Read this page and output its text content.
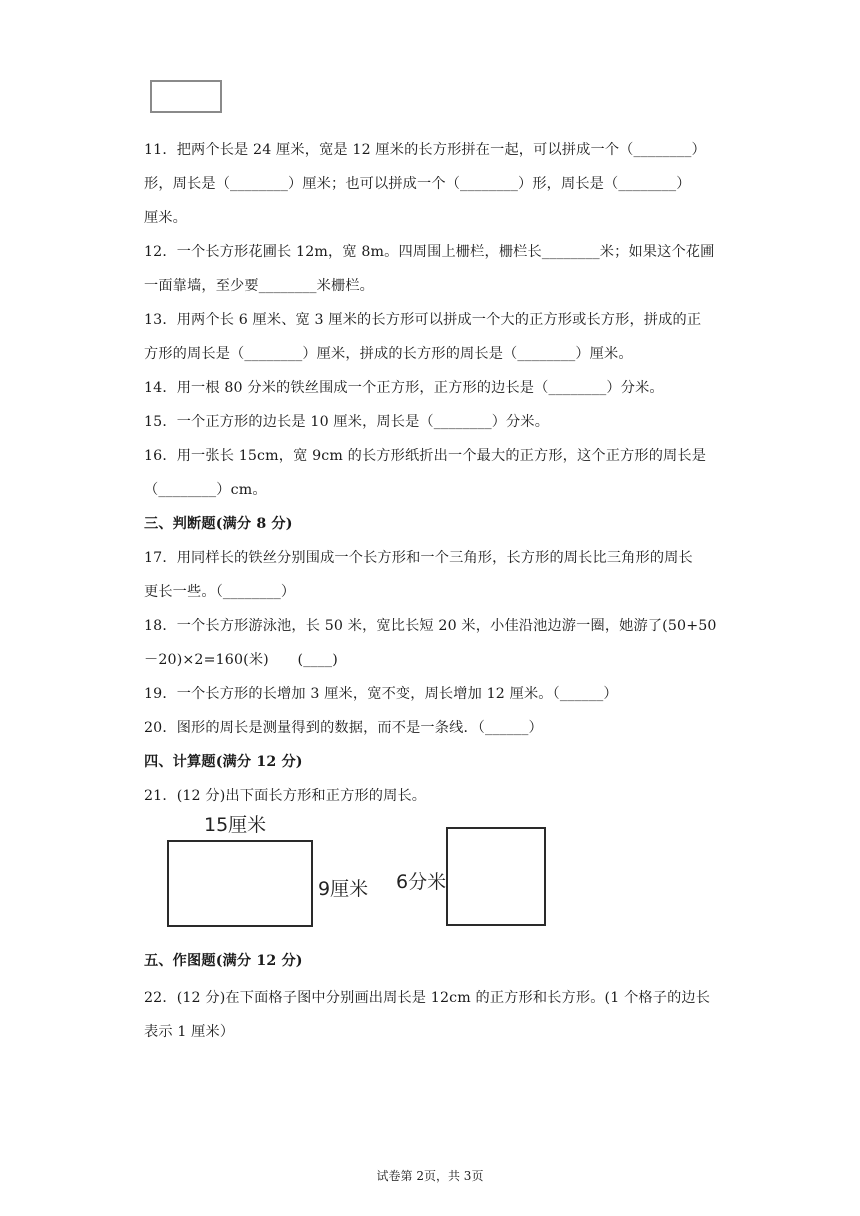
11．把两个长是 24 厘米，宽是 12 厘米的长方形拼在一起，可以拼成一个（________）
形，周长是（________）厘米；也可以拼成一个（________）形，周长是（________）
厘米。
12．一个长方形花圃长 12m，宽 8m。四周围上栅栏，栅栏长________米；如果这个花圃
一面靠墙，至少要________米栅栏。
13．用两个长 6 厘米、宽 3 厘米的长方形可以拼成一个大的正方形或长方形，拼成的正
方形的周长是（________）厘米，拼成的长方形的周长是（________）厘米。
14．用一根 80 分米的铁丝围成一个正方形，正方形的边长是（________）分米。
15．一个正方形的边长是 10 厘米，周长是（________）分米。
16．用一张长 15cm，宽 9cm 的长方形纸折出一个最大的正方形，这个正方形的周长是
（________）cm。
三、判断题(满分 8 分)
17．用同样长的铁丝分别围成一个长方形和一个三角形，长方形的周长比三角形的周长
更长一些。（________）
18．一个长方形游泳池，长 50 米，宽比长短 20 米，小佳沿池边游一圈，她游了(50+50
－20)×2=160(米)　　(____)
19．一个长方形的长增加 3 厘米，宽不变，周长增加 12 厘米。（______）
20．图形的周长是测量得到的数据，而不是一条线．（______）
四、计算题(满分 12 分)
21．(12 分)出下面长方形和正方形的周长。
15厘米
9厘米 6分米
五、作图题(满分 12 分)
22．(12 分)在下面格子图中分别画出周长是 12cm 的正方形和长方形。(1 个格子的边长
表示 1 厘米）
试卷第 2页，共 3页
